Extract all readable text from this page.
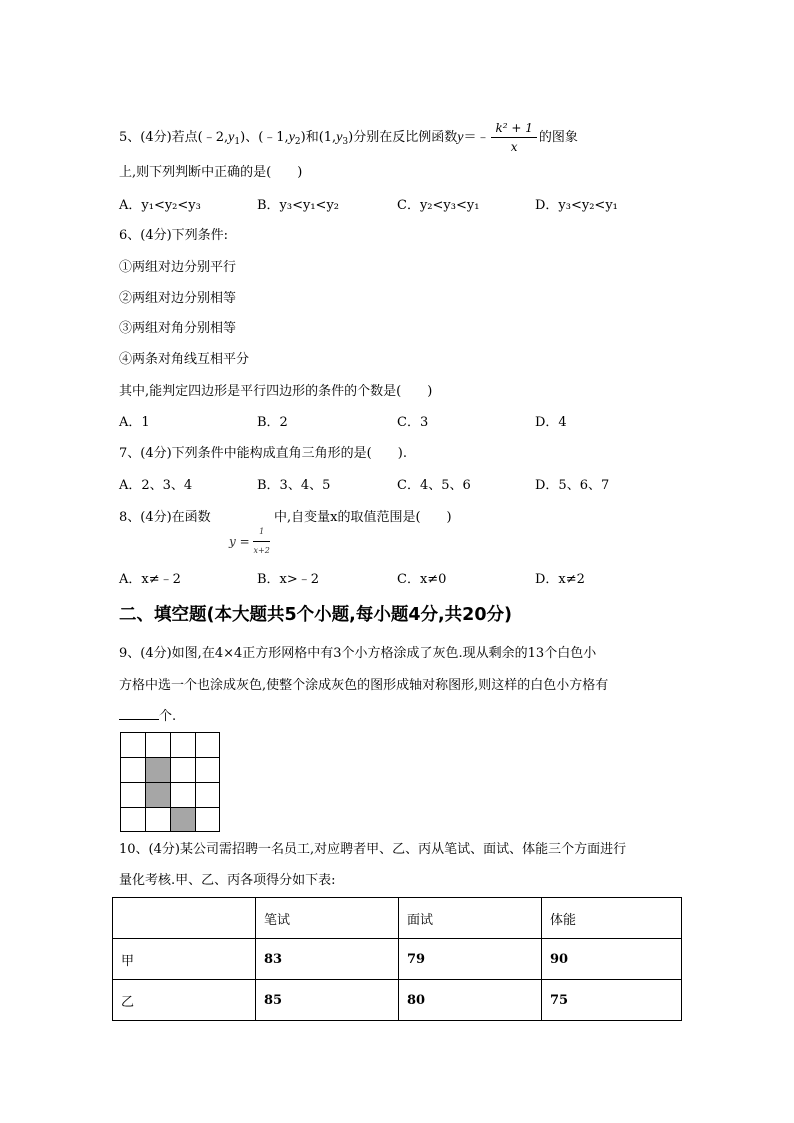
5、(4分)若点$(﹣2,y_1)$、$(﹣1,y_2)$和$(1,y_3)$分别在反比例函数y＝﹣ $\frac{\text{k² + 1}}{x}$ 的图象
上,则下列判断中正确的是(　　)
A．y₁<y₂<y₃	B．y₃<y₁<y₂	C．y₂<y₃<y₁	D．y₃<y₂<y₁
6、(4分)下列条件:
①两组对边分别平行
②两组对边分别相等
③两组对角分别相等
④两条对角线互相平分
其中,能判定四边形是平行四边形的条件的个数是(　　)
A．1	B．2	C．3	D．4
7、(4分)下列条件中能构成直角三角形的是(　　).
A．2、3、4	B．3、4、5	C．4、5、6	D．5、6、7
8、(4分)在函数	中,自变量x的取值范围是(　　)
$y = \frac{1}{x+2}$
A．x≠﹣2	B．x>﹣2	C．x≠0	D．x≠2
二、填空题(本大题共5个小题,每小题4分,共20分)
9、(4分)如图,在4×4正方形网格中有3个小方格涂成了灰色.现从剩余的13个白色小
方格中选一个也涂成灰色,使整个涂成灰色的图形成轴对称图形,则这样的白色小方格有
个.
10、(4分)某公司需招聘一名员工,对应聘者甲、乙、丙从笔试、面试、体能三个方面进行
量化考核.甲、乙、丙各项得分如下表:
	笔试	面试	体能
甲	83	79	90
乙	85	80	75
